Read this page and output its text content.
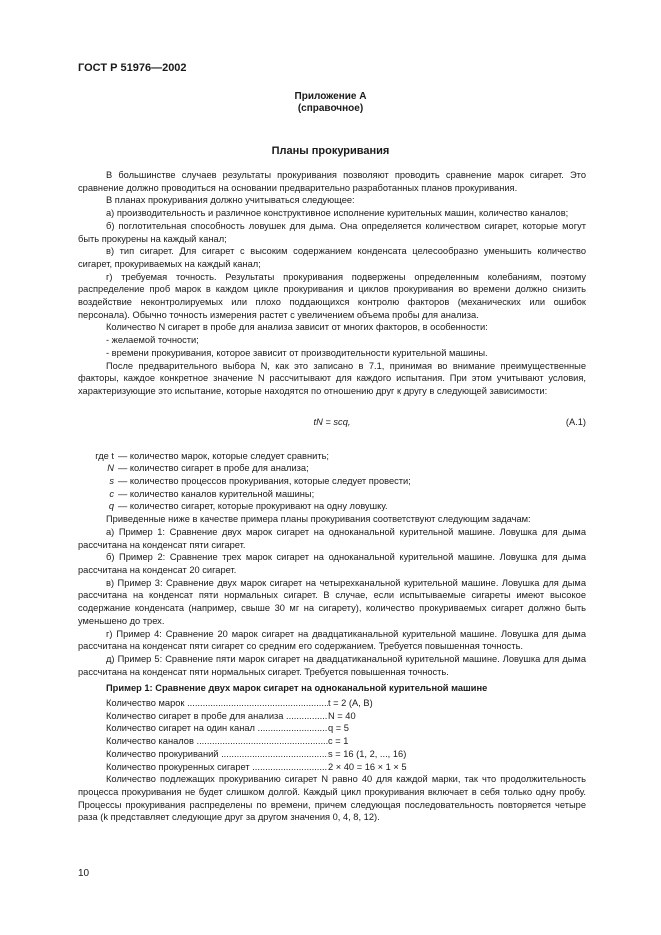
ГОСТ Р 51976—2002
Приложение А
(справочное)
Планы прокуривания

В большинстве случаев результаты прокуривания позволяют проводить сравнение марок сигарет. Это сравнение должно проводиться на основании предварительно разработанных планов прокуривания.

В планах прокуривания должно учитываться следующее:

а) производительность и различное конструктивное исполнение курительных машин, количество каналов;

б) поглотительная способность ловушек для дыма. Она определяется количеством сигарет, которые могут быть прокурены на каждый канал;

в) тип сигарет. Для сигарет с высоким содержанием конденсата целесообразно уменьшить количество сигарет, прокуриваемых на каждый канал;

г) требуемая точность. Результаты прокуривания подвержены определенным колебаниям, поэтому распределение проб марок в каждом цикле прокуривания и циклов прокуривания во времени должно снизить воздействие неконтролируемых или плохо поддающихся контролю факторов (механических или ошибок персонала). Обычно точность измерения растет с увеличением объема пробы для анализа.

Количество N сигарет в пробе для анализа зависит от многих факторов, в особенности:

- желаемой точности;

- времени прокуривания, которое зависит от производительности курительной машины.

После предварительного выбора N, как это записано в 7.1, принимая во внимание преимущественные факторы, каждое конкретное значение N рассчитывают для каждого испытания. При этом учитывают условия, характеризующие это испытание, которые находятся по отношению друг к другу в следующей зависимости:

tN = scq,	(А.1)
где t — количество марок, которые следует сравнить;
N — количество сигарет в пробе для анализа;
s — количество процессов прокуривания, которые следует провести;
c — количество каналов курительной машины;
q — количество сигарет, которые прокуривают на одну ловушку.

Приведенные ниже в качестве примера планы прокуривания соответствуют следующим задачам:

а) Пример 1: Сравнение двух марок сигарет на одноканальной курительной машине. Ловушка для дыма рассчитана на конденсат пяти сигарет.

б) Пример 2: Сравнение трех марок сигарет на одноканальной курительной машине. Ловушка для дыма рассчитана на конденсат 20 сигарет.

в) Пример 3: Сравнение двух марок сигарет на четырехканальной курительной машине. Ловушка для дыма рассчитана на конденсат пяти нормальных сигарет. В случае, если испытываемые сигареты имеют высокое содержание конденсата (например, свыше 30 мг на сигарету), количество прокуриваемых сигарет должно быть уменьшено до трех.

г) Пример 4: Сравнение 20 марок сигарет на двадцатиканальной курительной машине. Ловушка для дыма рассчитана на конденсат пяти сигарет со средним его содержанием. Требуется повышенная точность.

д) Пример 5: Сравнение пяти марок сигарет на двадцатиканальной курительной машине. Ловушка для дыма рассчитана на конденсат пяти нормальных сигарет. Требуется повышенная точность.

Пример 1: Сравнение двух марок сигарет на одноканальной курительной машине

Количество марок .....	t = 2 (A, B)
Количество сигарет в пробе для анализа .....	N = 40
Количество сигарет на один канал .....	q = 5
Количество каналов .....	c = 1
Количество прокуриваний .....	s = 16 (1, 2, ..., 16)
Количество прокуренных сигарет .....	2 × 40 = 16 × 1 × 5

Количество подлежащих прокуриванию сигарет N равно 40 для каждой марки, так что продолжительность процесса прокуривания не будет слишком долгой. Каждый цикл прокуривания включает в себя только одну пробу. Процессы прокуривания распределены по времени, причем следующая последовательность повторяется четыре раза (k представляет следующие друг за другом значения 0, 4, 8, 12).

10
